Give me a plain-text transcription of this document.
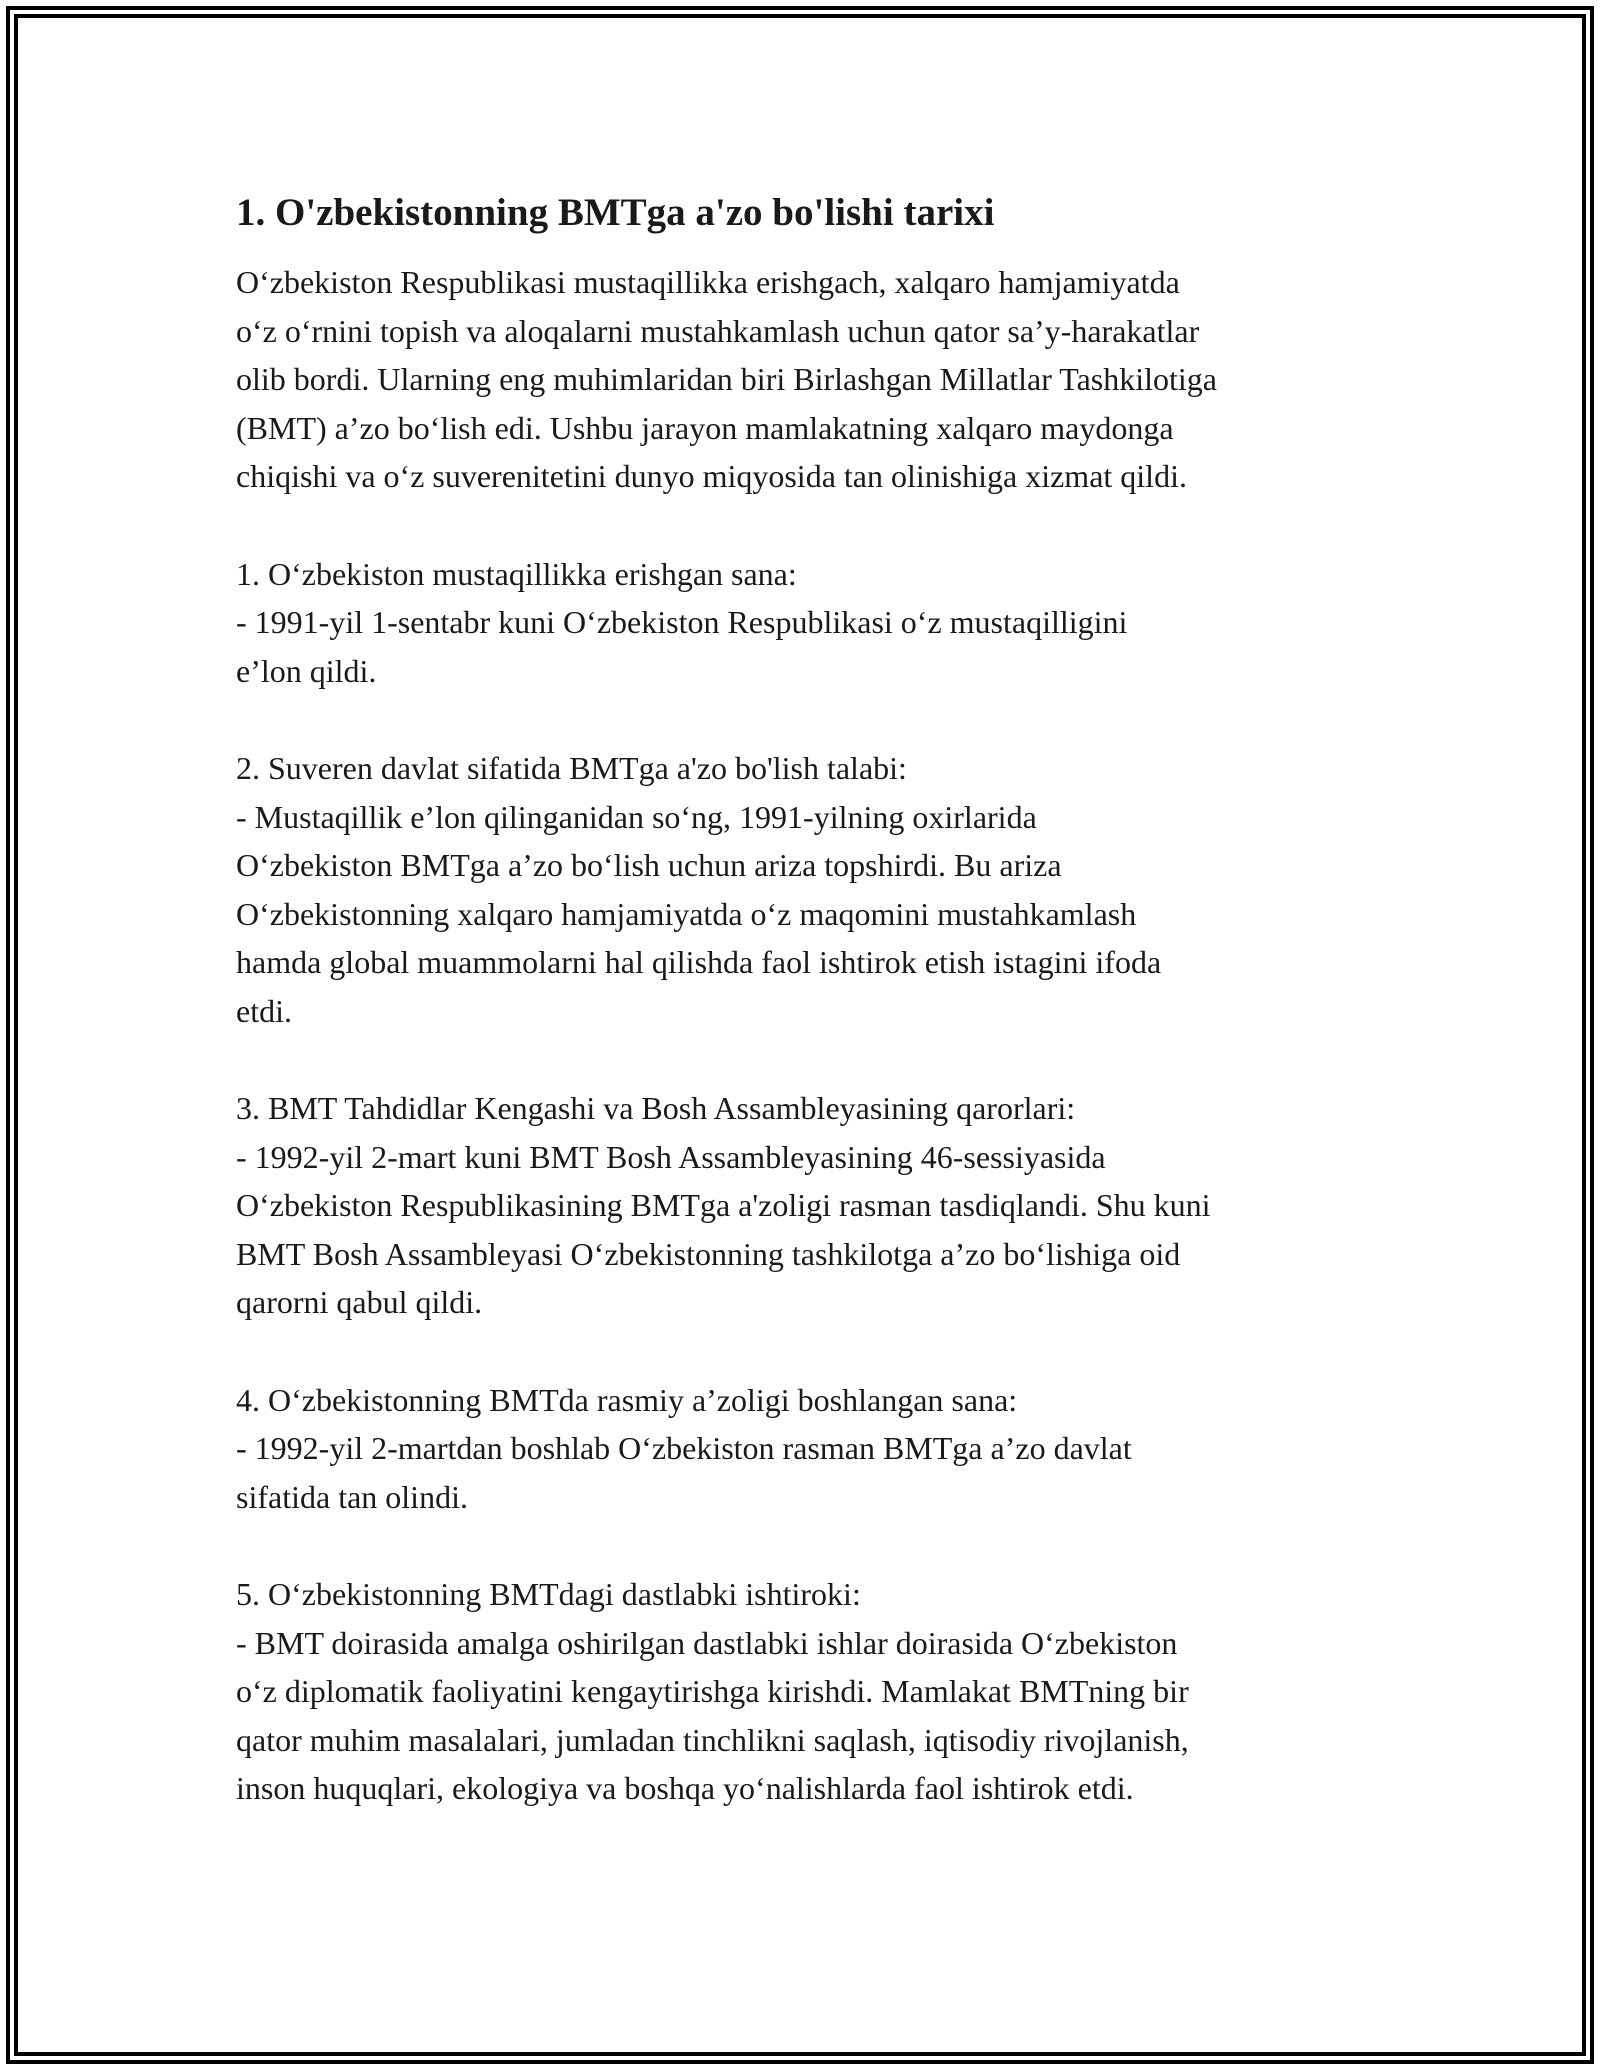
1. O'zbekistonning BMTga a'zo bo'lishi tarixi

O‘zbekiston Respublikasi mustaqillikka erishgach, xalqaro hamjamiyatda
o‘z o‘rnini topish va aloqalarni mustahkamlash uchun qator sa’y-harakatlar
olib bordi. Ularning eng muhimlaridan biri Birlashgan Millatlar Tashkilotiga
(BMT) a’zo bo‘lish edi. Ushbu jarayon mamlakatning xalqaro maydonga
chiqishi va o‘z suverenitetini dunyo miqyosida tan olinishiga xizmat qildi.

1. O‘zbekiston mustaqillikka erishgan sana:

- 1991-yil 1-sentabr kuni O‘zbekiston Respublikasi o‘z mustaqilligini
e’lon qildi.

2. Suveren davlat sifatida BMTga a'zo bo'lish talabi:

- Mustaqillik e’lon qilinganidan so‘ng, 1991-yilning oxirlarida
O‘zbekiston BMTga a’zo bo‘lish uchun ariza topshirdi. Bu ariza
O‘zbekistonning xalqaro hamjamiyatda o‘z maqomini mustahkamlash
hamda global muammolarni hal qilishda faol ishtirok etish istagini ifoda
etdi.

3. BMT Tahdidlar Kengashi va Bosh Assambleyasining qarorlari:

- 1992-yil 2-mart kuni BMT Bosh Assambleyasining 46-sessiyasida
O‘zbekiston Respublikasining BMTga a'zoligi rasman tasdiqlandi. Shu kuni
BMT Bosh Assambleyasi O‘zbekistonning tashkilotga a’zo bo‘lishiga oid
qarorni qabul qildi.

4. O‘zbekistonning BMTda rasmiy a’zoligi boshlangan sana:

- 1992-yil 2-martdan boshlab O‘zbekiston rasman BMTga a’zo davlat
sifatida tan olindi.

5. O‘zbekistonning BMTdagi dastlabki ishtiroki:

- BMT doirasida amalga oshirilgan dastlabki ishlar doirasida O‘zbekiston
o‘z diplomatik faoliyatini kengaytirishga kirishdi. Mamlakat BMTning bir
qator muhim masalalari, jumladan tinchlikni saqlash, iqtisodiy rivojlanish,
inson huquqlari, ekologiya va boshqa yo‘nalishlarda faol ishtirok etdi.
